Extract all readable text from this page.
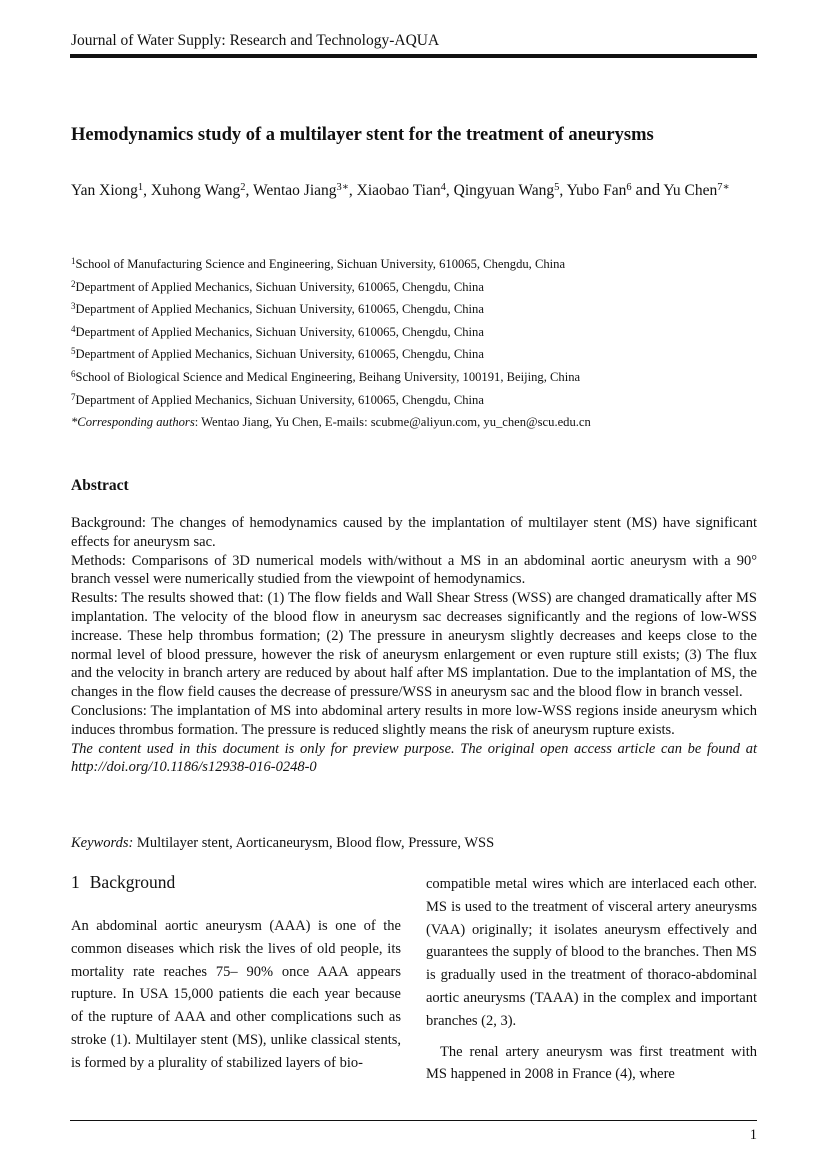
Journal of Water Supply: Research and Technology-AQUA
Hemodynamics study of a multilayer stent for the treatment of aneurysms
Yan Xiong$^1$, Xuhong Wang$^2$, Wentao Jiang$^{3∗}$, Xiaobao Tian$^4$, Qingyuan Wang$^5$, Yubo Fan$^6$ and Yu Chen$^{7∗}$
$^1$School of Manufacturing Science and Engineering, Sichuan University, 610065, Chengdu, China
$^2$Department of Applied Mechanics, Sichuan University, 610065, Chengdu, China
$^3$Department of Applied Mechanics, Sichuan University, 610065, Chengdu, China
$^4$Department of Applied Mechanics, Sichuan University, 610065, Chengdu, China
$^5$Department of Applied Mechanics, Sichuan University, 610065, Chengdu, China
$^6$School of Biological Science and Medical Engineering, Beihang University, 100191, Beijing, China
$^7$Department of Applied Mechanics, Sichuan University, 610065, Chengdu, China
*Corresponding authors: Wentao Jiang, Yu Chen, E-mails: scubme@aliyun.com, yu_chen@scu.edu.cn
Abstract

Background: The changes of hemodynamics caused by the implantation of multilayer stent (MS) have significant effects for aneurysm sac.

Methods: Comparisons of 3D numerical models with/without a MS in an abdominal aortic aneurysm with a 90° branch vessel were numerically studied from the viewpoint of hemodynamics.

Results: The results showed that: (1) The flow fields and Wall Shear Stress (WSS) are changed dramatically after MS implantation. The velocity of the blood flow in aneurysm sac decreases significantly and the regions of low-WSS increase. These help thrombus formation; (2) The pressure in aneurysm slightly decreases and keeps close to the normal level of blood pressure, however the risk of aneurysm enlargement or even rupture still exists; (3) The flux and the velocity in branch artery are reduced by about half after MS implantation. Due to the implantation of MS, the changes in the flow field causes the decrease of pressure/WSS in aneurysm sac and the blood flow in branch vessel.

Conclusions: The implantation of MS into abdominal artery results in more low-WSS regions inside aneurysm which induces thrombus formation. The pressure is reduced slightly means the risk of aneurysm rupture exists.

The content used in this document is only for preview purpose. The original open access article can be found at http://doi.org/10.1186/s12938-016-0248-0

Keywords: Multilayer stent, Aorticaneurysm, Blood flow, Pressure, WSS
1 Background

An abdominal aortic aneurysm (AAA) is one of the common diseases which risk the lives of old people, its mortality rate reaches 75– 90% once AAA appears rupture. In USA 15,000 patients die each year because of the rupture of AAA and other complications such as stroke (1). Multilayer stent (MS), unlike classical stents, is formed by a plurality of stabilized layers of bio-

compatible metal wires which are interlaced each other. MS is used to the treatment of visceral artery aneurysms (VAA) originally; it isolates aneurysm effectively and guarantees the supply of blood to the branches. Then MS is gradually used in the treatment of thoraco-abdominal aortic aneurysms (TAAA) in the complex and important branches (2, 3).

The renal artery aneurysm was first treatment with MS happened in 2008 in France (4), where

1
